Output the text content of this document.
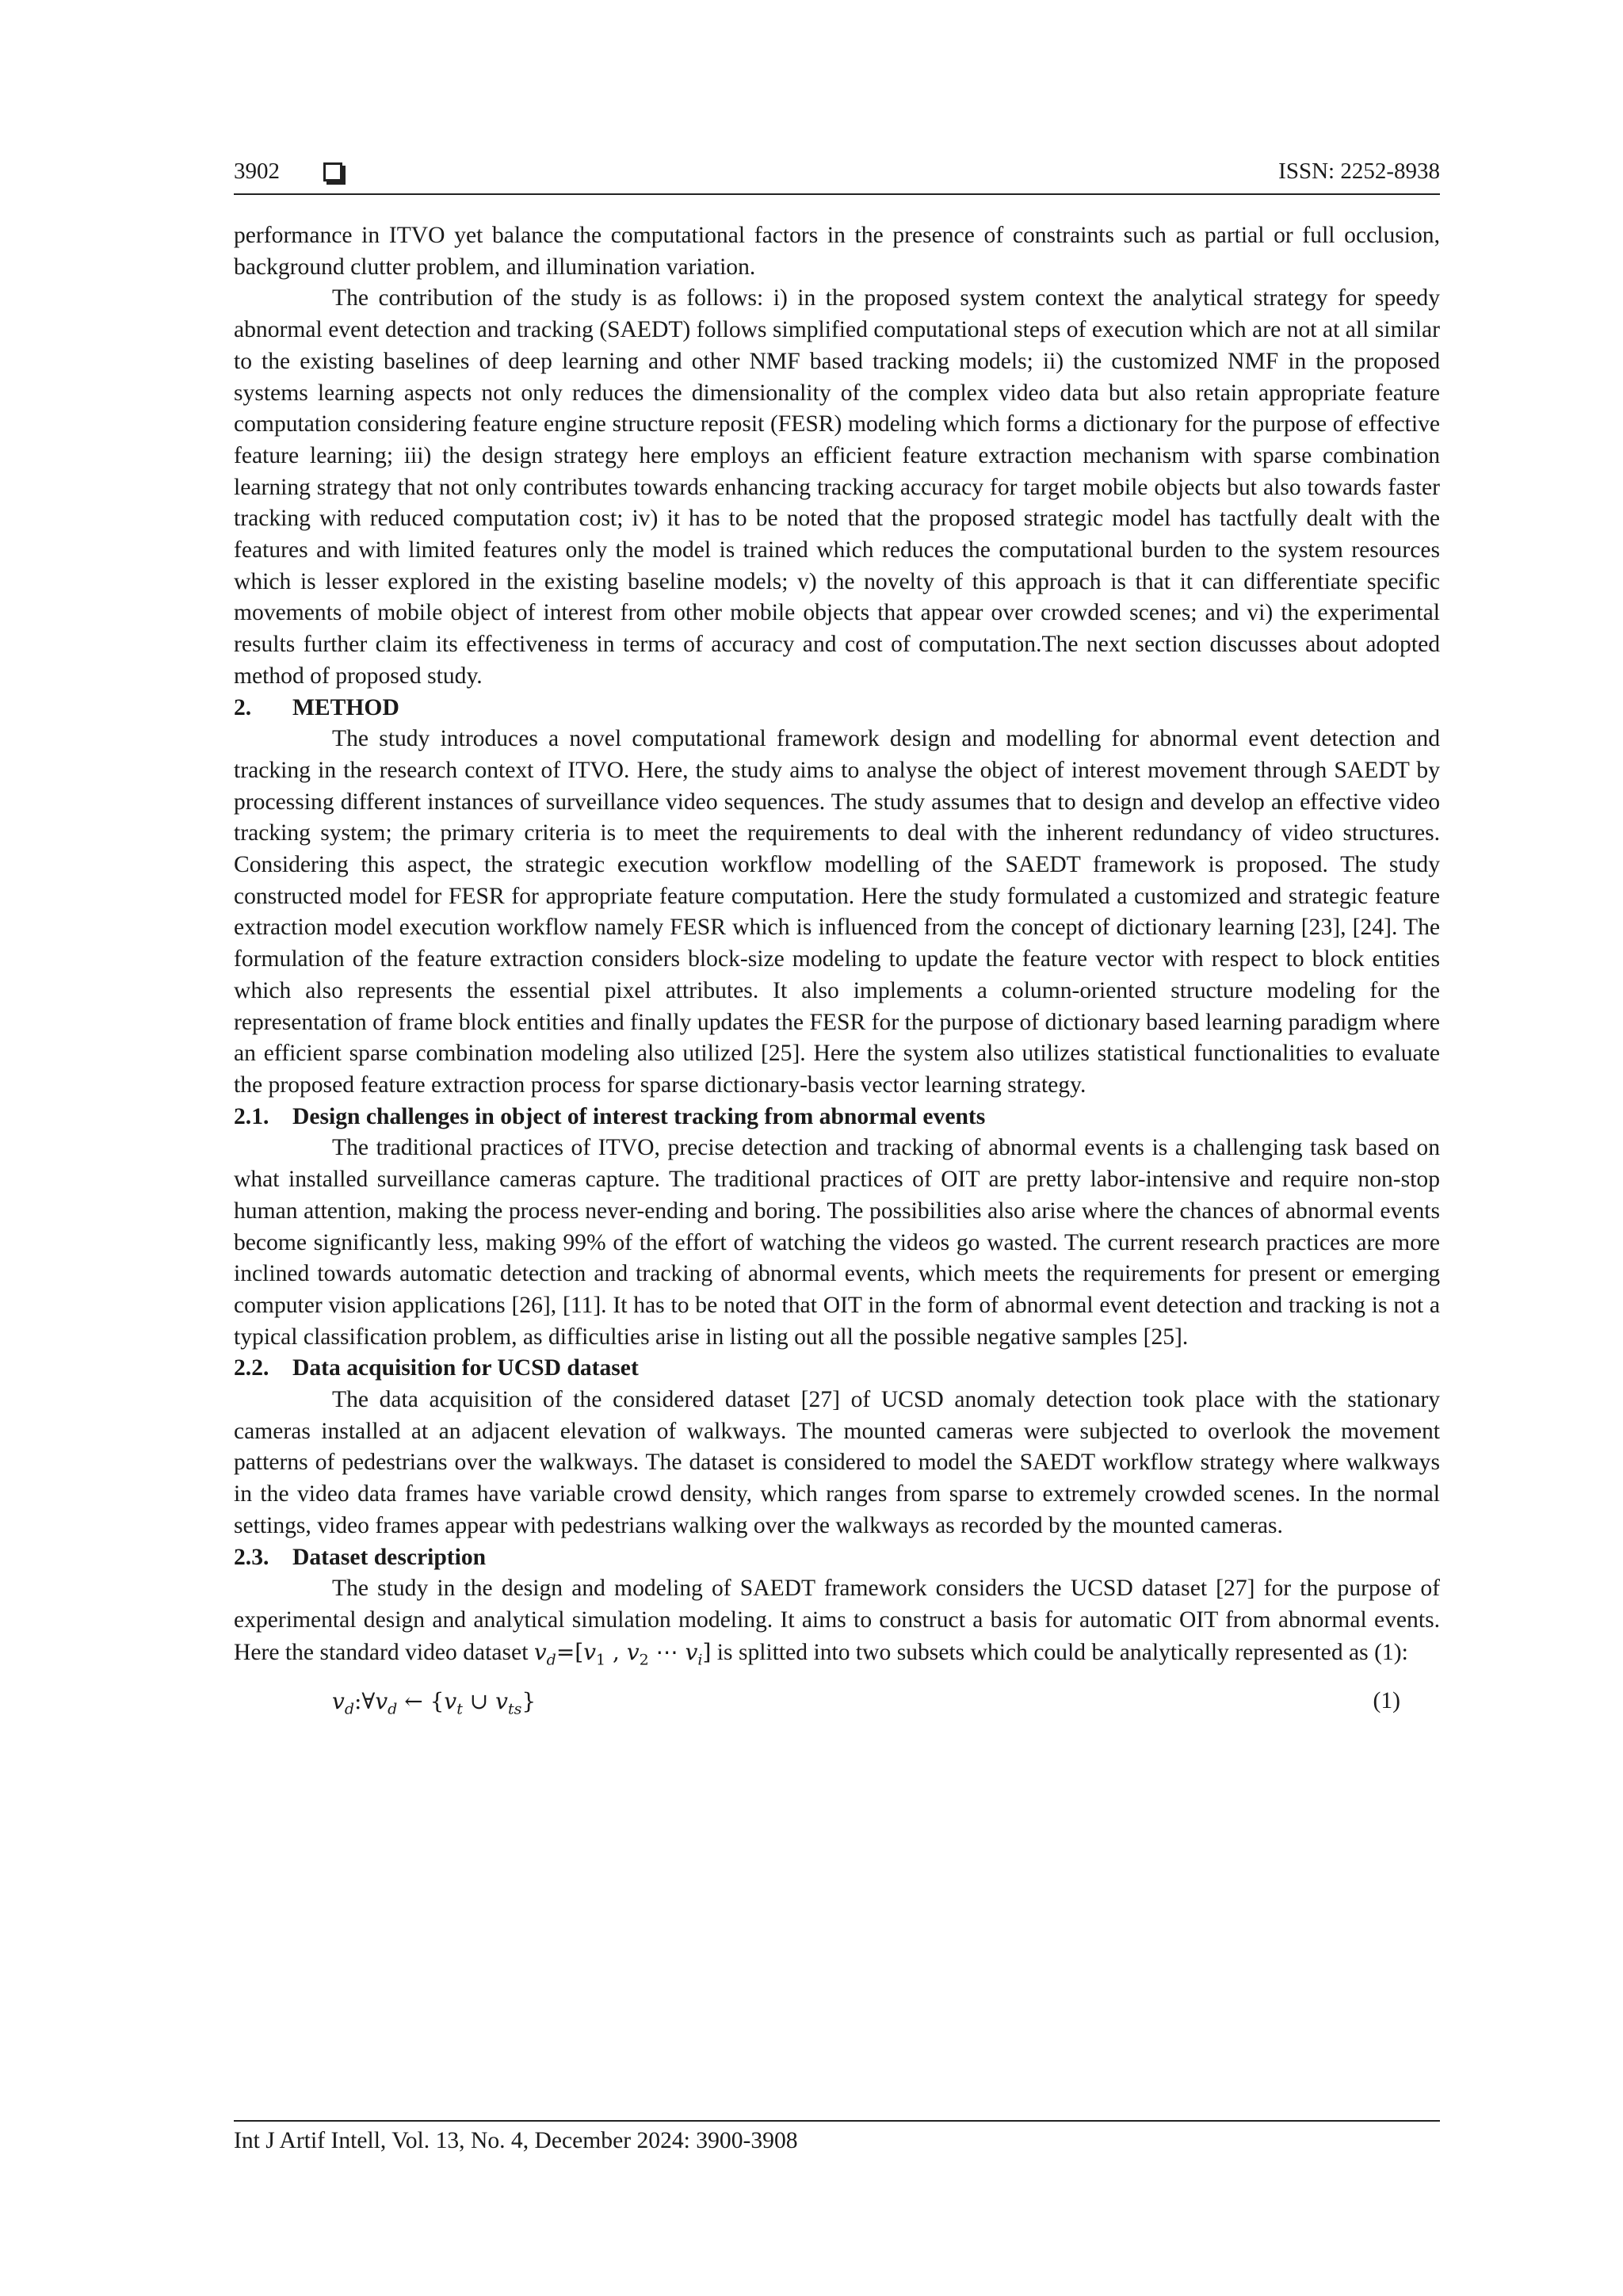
3902	ISSN: 2252-8938

performance in ITVO yet balance the computational factors in the presence of constraints such as partial or full occlusion, background clutter problem, and illumination variation.

The contribution of the study is as follows: i) in the proposed system context the analytical strategy for speedy abnormal event detection and tracking (SAEDT) follows simplified computational steps of execution which are not at all similar to the existing baselines of deep learning and other NMF based tracking models; ii) the customized NMF in the proposed systems learning aspects not only reduces the dimensionality of the complex video data but also retain appropriate feature computation considering feature engine structure reposit (FESR) modeling which forms a dictionary for the purpose of effective feature learning; iii) the design strategy here employs an efficient feature extraction mechanism with sparse combination learning strategy that not only contributes towards enhancing tracking accuracy for target mobile objects but also towards faster tracking with reduced computation cost; iv) it has to be noted that the proposed strategic model has tactfully dealt with the features and with limited features only the model is trained which reduces the computational burden to the system resources which is lesser explored in the existing baseline models; v) the novelty of this approach is that it can differentiate specific movements of mobile object of interest from other mobile objects that appear over crowded scenes; and vi) the experimental results further claim its effectiveness in terms of accuracy and cost of computation.The next section discusses about adopted method of proposed study.

2. METHOD

The study introduces a novel computational framework design and modelling for abnormal event detection and tracking in the research context of ITVO. Here, the study aims to analyse the object of interest movement through SAEDT by processing different instances of surveillance video sequences. The study assumes that to design and develop an effective video tracking system; the primary criteria is to meet the requirements to deal with the inherent redundancy of video structures. Considering this aspect, the strategic execution workflow modelling of the SAEDT framework is proposed. The study constructed model for FESR for appropriate feature computation. Here the study formulated a customized and strategic feature extraction model execution workflow namely FESR which is influenced from the concept of dictionary learning [23], [24]. The formulation of the feature extraction considers block-size modeling to update the feature vector with respect to block entities which also represents the essential pixel attributes. It also implements a column-oriented structure modeling for the representation of frame block entities and finally updates the FESR for the purpose of dictionary based learning paradigm where an efficient sparse combination modeling also utilized [25]. Here the system also utilizes statistical functionalities to evaluate the proposed feature extraction process for sparse dictionary-basis vector learning strategy.

2.1. Design challenges in object of interest tracking from abnormal events

The traditional practices of ITVO, precise detection and tracking of abnormal events is a challenging task based on what installed surveillance cameras capture. The traditional practices of OIT are pretty labor-intensive and require non-stop human attention, making the process never-ending and boring. The possibilities also arise where the chances of abnormal events become significantly less, making 99% of the effort of watching the videos go wasted. The current research practices are more inclined towards automatic detection and tracking of abnormal events, which meets the requirements for present or emerging computer vision applications [26], [11]. It has to be noted that OIT in the form of abnormal event detection and tracking is not a typical classification problem, as difficulties arise in listing out all the possible negative samples [25].

2.2. Data acquisition for UCSD dataset

The data acquisition of the considered dataset [27] of UCSD anomaly detection took place with the stationary cameras installed at an adjacent elevation of walkways. The mounted cameras were subjected to overlook the movement patterns of pedestrians over the walkways. The dataset is considered to model the SAEDT workflow strategy where walkways in the video data frames have variable crowd density, which ranges from sparse to extremely crowded scenes. In the normal settings, video frames appear with pedestrians walking over the walkways as recorded by the mounted cameras.

2.3. Dataset description

The study in the design and modeling of SAEDT framework considers the UCSD dataset [27] for the purpose of experimental design and analytical simulation modeling. It aims to construct a basis for automatic OIT from abnormal events. Here the standard video dataset $v_d=[v_1$ , $v_2$ ⋯ $v_i$] is splitted into two subsets which could be analytically represented as (1):

$v_d:\forall v_d$ ← {$v_t$ ∪ $v_{ts}$}	(1)
Int J Artif Intell, Vol. 13, No. 4, December 2024: 3900-3908
